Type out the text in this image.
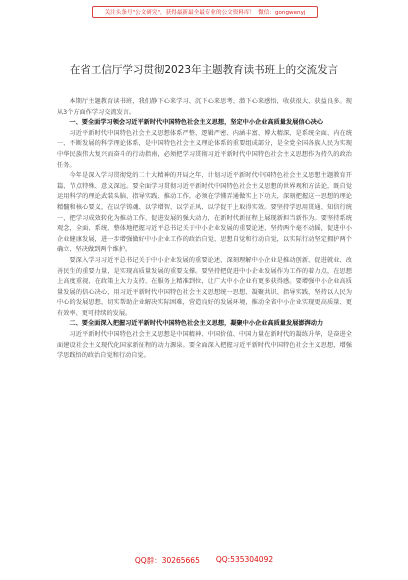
关注头条号"公文研究"，获得最新最全最专业的公文资料库！ 微信：gongwenyj
在省工信厅学习贯彻2023年主题教育读书班上的交流发言

本期厅主题教育读书班，我们静下心来学习、沉下心来思考、潜下心来感悟，收获很大、获益良多。现从3个方面作学习交流发言。

一、要全面学习领会习近平新时代中国特色社会主义思想，坚定中小企业高质量发展信心决心

习近平新时代中国特色社会主义思想体系严整、逻辑严密、内涵丰富、博大精深，是系统全面、内在统一、不断发展的科学理论体系，是中国特色社会主义理论体系的重要组成部分，是全党全国各族人民为实现中华民族伟大复兴而奋斗的行动指南，必须把学习贯彻习近平新时代中国特色社会主义思想作为持久的政治任务。

今年是深入学习贯彻党的二十大精神的开局之年，计划习近平新时代中国特色社会主义思想主题教育开篇，节点特殊、意义深远。要全面学习贯彻习近平新时代中国特色社会主义思想的世界观和方法论，既自觉运用科学的理论武装头脑、指导实践、推动工作，必须在学懂弄通做实上下功夫，深刻把握这一思想的理论精髓和核心要义，在以学铸魂、以学增智、以学正风、以学促干上取得实效。要坚持学思用贯通、知信行统一，把学习成效转化为推动工作、促进发展的强大动力，在新时代新征程上展现新担当新作为。要坚持系统观念，全面、系统、整体地把握习近平总书记关于中小企业发展的重要论述，坚持两个毫不动摇，促进中小企业健康发展，进一步增强做好中小企业工作的政治自觉、思想自觉和行动自觉，以实际行动坚定拥护两个确立、坚决做到两个维护。

要深入学习习近平总书记关于中小企业发展的重要论述，深刻理解中小企业是推动创新、促进就业、改善民生的重要力量，是实现高质量发展的重要支撑。要坚持把促进中小企业发展作为工作的着力点，在思想上高度重视、在政策上大力支持、在服务上精准到位，让广大中小企业有更多获得感。要增强中小企业高质量发展的信心决心，用习近平新时代中国特色社会主义思想统一思想、凝聚共识、指导实践，坚持以人民为中心的发展思想，切实帮助企业解决实际困难，营造良好的发展环境，推动全省中小企业实现更高质量、更有效率、更可持续的发展。

二、要全面深入把握习近平新时代中国特色社会主义思想，凝聚中小企业高质量发展澎湃动力

习近平新时代中国特色社会主义思想是中国精神、中国价值、中国力量在新时代的凝练升华，是奋进全面建设社会主义现代化国家新征程的动力源泉。要全面深入把握习近平新时代中国特色社会主义思想，增强学思践悟的政治自觉和行动自觉。

QQ群：30265665 QQ:535304092
